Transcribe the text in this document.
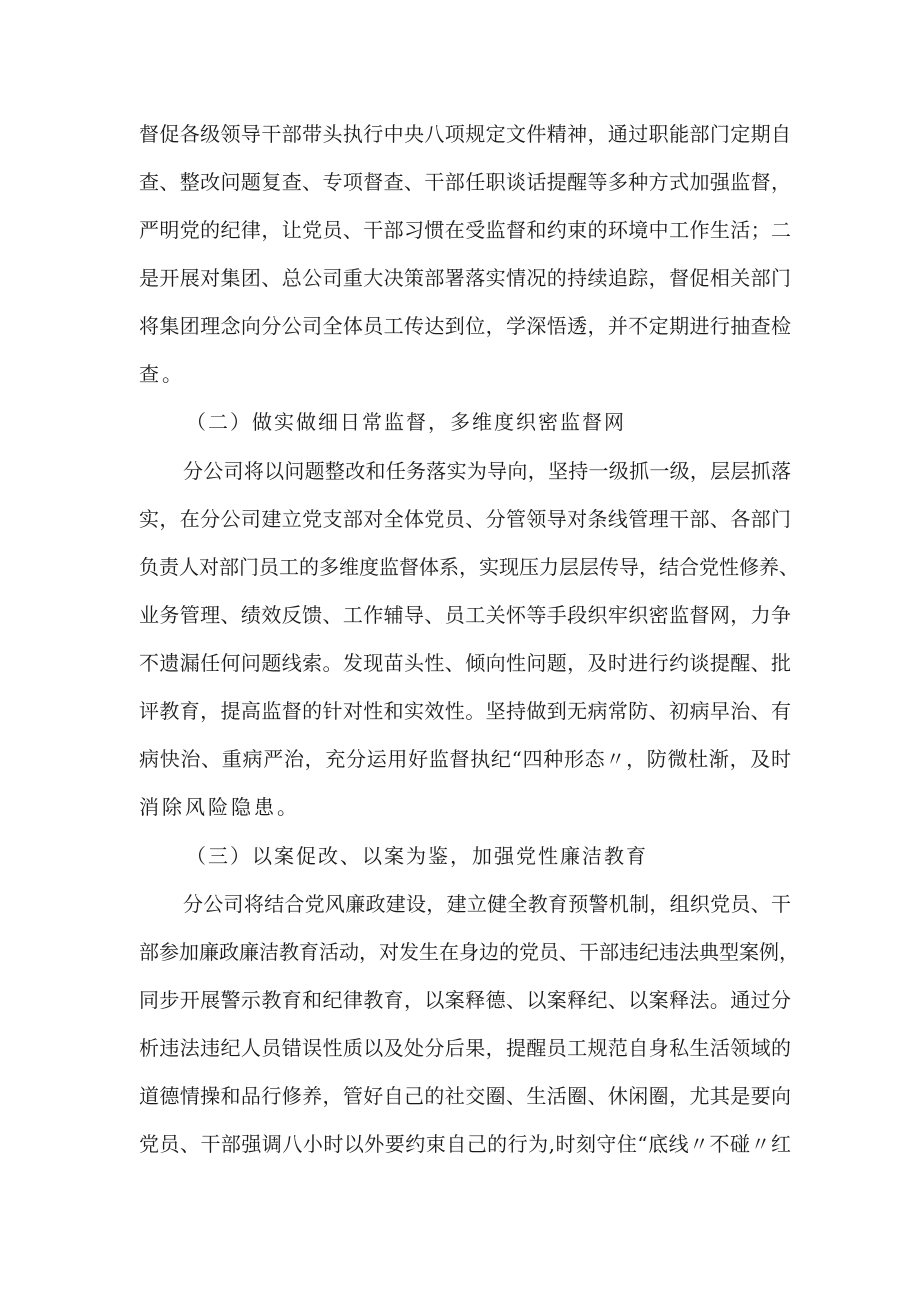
督促各级领导干部带头执行中央八项规定文件精神，通过职能部门定期自
查、整改问题复查、专项督查、干部任职谈话提醒等多种方式加强监督，
严明党的纪律，让党员、干部习惯在受监督和约束的环境中工作生活；二
是开展对集团、总公司重大决策部署落实情况的持续追踪，督促相关部门
将集团理念向分公司全体员工传达到位，学深悟透，并不定期进行抽查检
查。
（二）做实做细日常监督，多维度织密监督网
分公司将以问题整改和任务落实为导向，坚持一级抓一级，层层抓落
实，在分公司建立党支部对全体党员、分管领导对条线管理干部、各部门
负责人对部门员工的多维度监督体系，实现压力层层传导，结合党性修养、
业务管理、绩效反馈、工作辅导、员工关怀等手段织牢织密监督网，力争
不遗漏任何问题线索。发现苗头性、倾向性问题，及时进行约谈提醒、批
评教育，提高监督的针对性和实效性。坚持做到无病常防、初病早治、有
病快治、重病严治，充分运用好监督执纪“四种形态〃，防微杜渐，及时
消除风险隐患。
（三）以案促改、以案为鉴，加强党性廉洁教育
分公司将结合党风廉政建设，建立健全教育预警机制，组织党员、干
部参加廉政廉洁教育活动，对发生在身边的党员、干部违纪违法典型案例，
同步开展警示教育和纪律教育，以案释德、以案释纪、以案释法。通过分
析违法违纪人员错误性质以及处分后果，提醒员工规范自身私生活领域的
道德情操和品行修养，管好自己的社交圈、生活圈、休闲圈，尤其是要向
党员、干部强调八小时以外要约束自己的行为,时刻守住“底线〃不碰〃红
